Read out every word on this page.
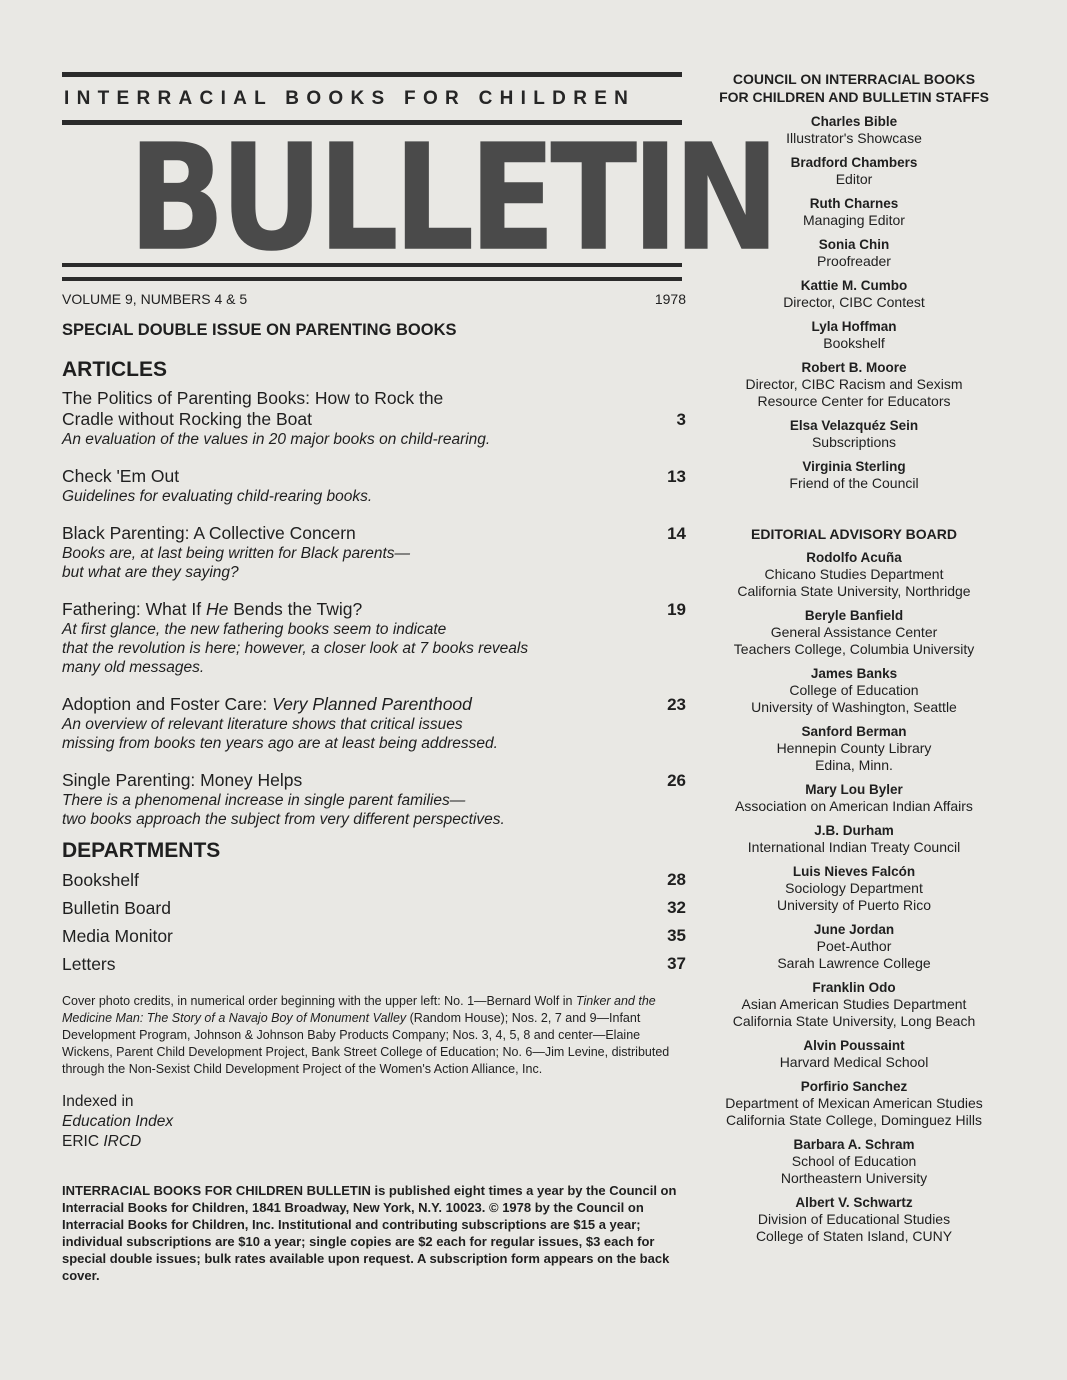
INTERRACIAL BOOKS FOR CHILDREN
BULLETIN
VOLUME 9, NUMBERS 4 & 5	1978
SPECIAL DOUBLE ISSUE ON PARENTING BOOKS
ARTICLES
The Politics of Parenting Books: How to Rock the
Cradle without Rocking the Boat	3
An evaluation of the values in 20 major books on child-rearing.
Check 'Em Out	13
Guidelines for evaluating child-rearing books.
Black Parenting: A Collective Concern	14
Books are, at last being written for Black parents—
but what are they saying?
Fathering: What If He Bends the Twig?	19
At first glance, the new fathering books seem to indicate
that the revolution is here; however, a closer look at 7 books reveals
many old messages.
Adoption and Foster Care: Very Planned Parenthood	23
An overview of relevant literature shows that critical issues
missing from books ten years ago are at least being addressed.
Single Parenting: Money Helps	26
There is a phenomenal increase in single parent families—
two books approach the subject from very different perspectives.
DEPARTMENTS
Bookshelf	28
Bulletin Board	32
Media Monitor	35
Letters	37
Cover photo credits, in numerical order beginning with the upper left: No. 1—Bernard Wolf in Tinker and the Medicine Man: The Story of a Navajo Boy of Monument Valley (Random House); Nos. 2, 7 and 9—Infant Development Program, Johnson & Johnson Baby Products Company; Nos. 3, 4, 5, 8 and center—Elaine Wickens, Parent Child Development Project, Bank Street College of Education; No. 6—Jim Levine, distributed through the Non-Sexist Child Development Project of the Women's Action Alliance, Inc.
Indexed in
Education Index
ERIC IRCD
INTERRACIAL BOOKS FOR CHILDREN BULLETIN is published eight times a year by the Council on Interracial Books for Children, 1841 Broadway, New York, N.Y. 10023. © 1978 by the Council on Interracial Books for Children, Inc. Institutional and contributing subscriptions are $15 a year; individual subscriptions are $10 a year; single copies are $2 each for regular issues, $3 each for special double issues; bulk rates available upon request. A subscription form appears on the back cover.
COUNCIL ON INTERRACIAL BOOKS
FOR CHILDREN AND BULLETIN STAFFS
Charles Bible
Illustrator's Showcase
Bradford Chambers
Editor
Ruth Charnes
Managing Editor
Sonia Chin
Proofreader
Kattie M. Cumbo
Director, CIBC Contest
Lyla Hoffman
Bookshelf
Robert B. Moore
Director, CIBC Racism and Sexism
Resource Center for Educators
Elsa Velazquéz Sein
Subscriptions
Virginia Sterling
Friend of the Council
EDITORIAL ADVISORY BOARD
Rodolfo Acuña
Chicano Studies Department
California State University, Northridge
Beryle Banfield
General Assistance Center
Teachers College, Columbia University
James Banks
College of Education
University of Washington, Seattle
Sanford Berman
Hennepin County Library
Edina, Minn.
Mary Lou Byler
Association on American Indian Affairs
J.B. Durham
International Indian Treaty Council
Luis Nieves Falcón
Sociology Department
University of Puerto Rico
June Jordan
Poet-Author
Sarah Lawrence College
Franklin Odo
Asian American Studies Department
California State University, Long Beach
Alvin Poussaint
Harvard Medical School
Porfirio Sanchez
Department of Mexican American Studies
California State College, Dominguez Hills
Barbara A. Schram
School of Education
Northeastern University
Albert V. Schwartz
Division of Educational Studies
College of Staten Island, CUNY
